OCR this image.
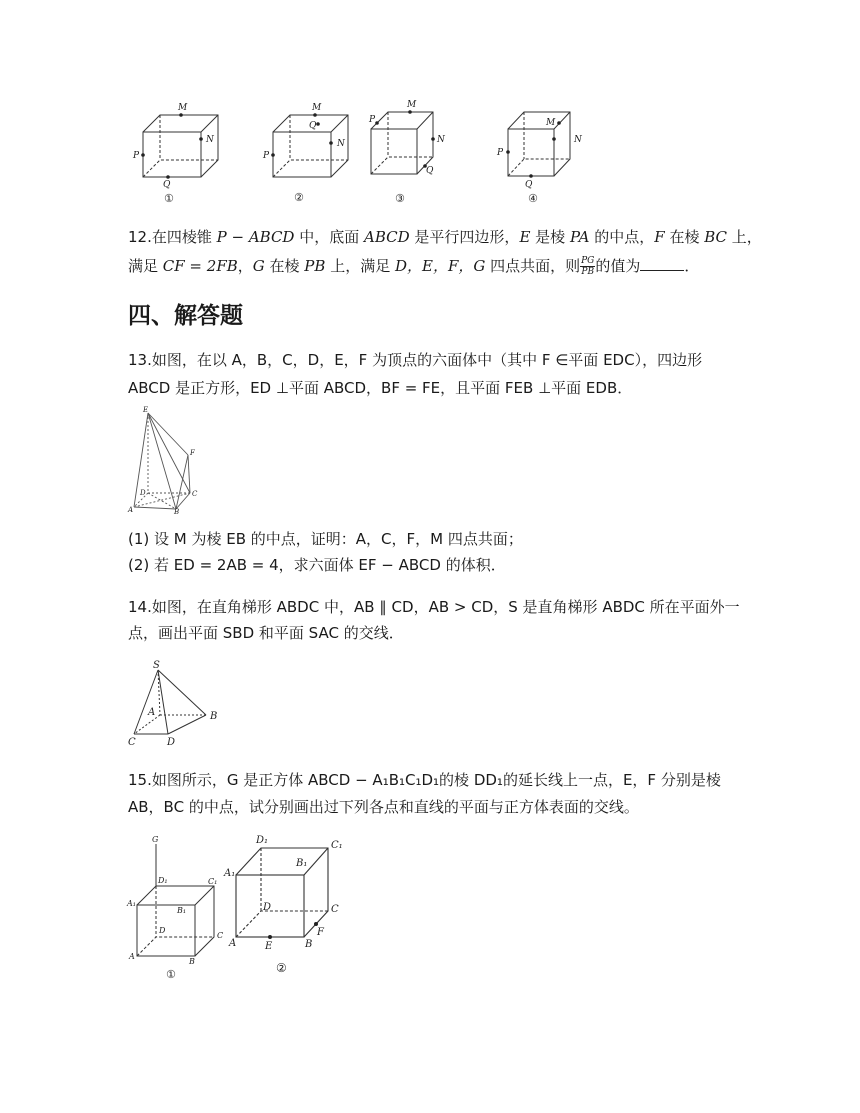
M
N
P
Q
M
Q
N
P
M
P
N
Q
M
N
P
Q
①	②	③	④
12.在四棱锥 P − ABCD 中，底面 ABCD 是平行四边形，E 是棱 PA 的中点，F 在棱 BC 上，
满足 CF = 2FB，G 在棱 PB 上，满足 D，E，F，G 四点共面，则 $\frac{PG}{PB}$ 的值为	．
四、解答题
13.如图，在以 A，B，C，D，E，F 为顶点的六面体中（其中 F ∈平面 EDC），四边形
ABCD 是正方形，ED ⊥平面 ABCD，BF = FE，且平面 FEB ⊥平面 EDB．
E
F
D	C
A	B
(1) 设 M 为棱 EB 的中点，证明：A，C，F，M 四点共面；
(2) 若 ED = 2AB = 4，求六面体 EF − ABCD 的体积．
14.如图，在直角梯形 ABDC 中，AB ∥ CD，AB > CD，S 是直角梯形 ABDC 所在平面外一
点，画出平面 SBD 和平面 SAC 的交线．
S
A	B
C	D
15.如图所示，G 是正方体 ABCD − A₁B₁C₁D₁的棱 DD₁的延长线上一点，E，F 分别是棱
AB，BC 的中点，试分别画出过下列各点和直线的平面与正方体表面的交线。
G
D₁	C₁
A₁
B₁
D
C
A
B
①
D₁	C₁
A₁
B₁
D	C
A	E	B
F
②
